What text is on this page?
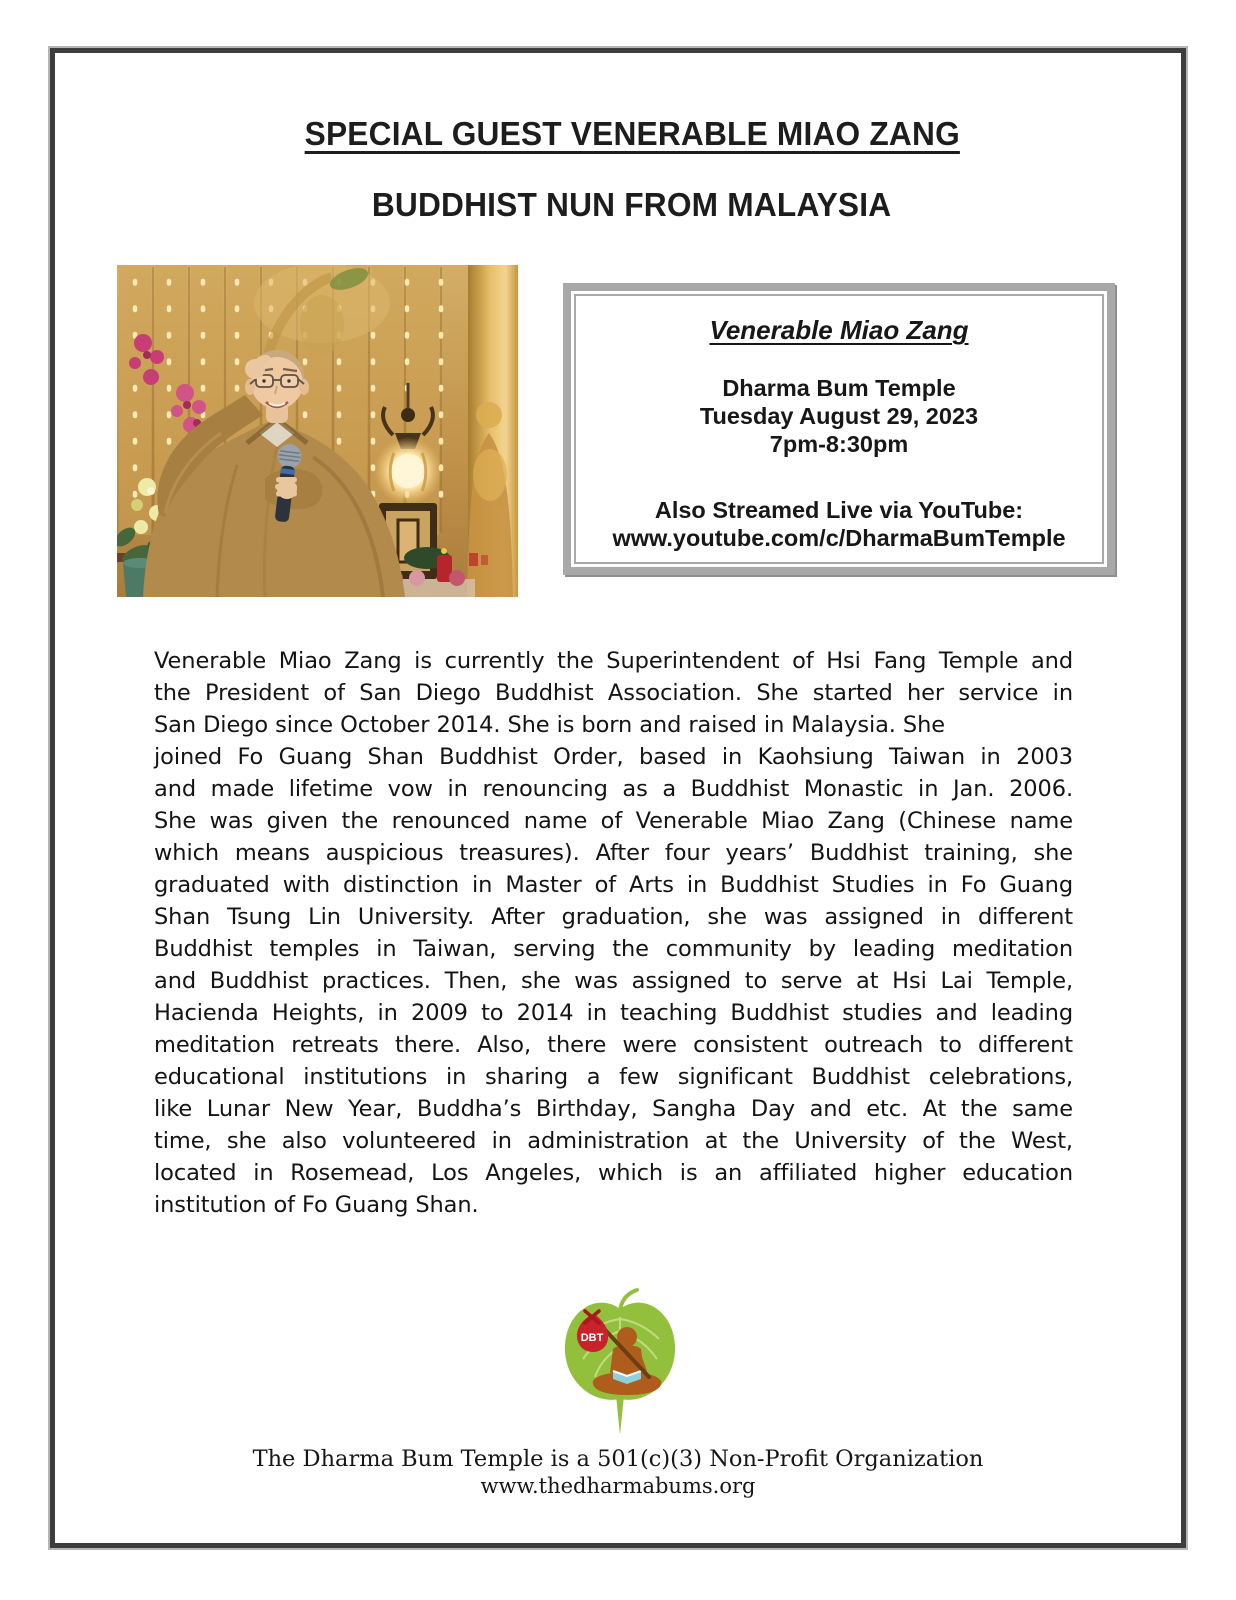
SPECIAL GUEST VENERABLE MIAO ZANG
BUDDHIST NUN FROM MALAYSIA
Venerable Miao Zang
Dharma Bum Temple
Tuesday August 29, 2023
7pm-8:30pm
Also Streamed Live via YouTube:
www.youtube.com/c/DharmaBumTemple
Venerable Miao Zang is currently the Superintendent of Hsi Fang Temple and
the President of San Diego Buddhist Association. She started her service in
San Diego since October 2014. She is born and raised in Malaysia. She
joined Fo Guang Shan Buddhist Order, based in Kaohsiung Taiwan in 2003
and made lifetime vow in renouncing as a Buddhist Monastic in Jan. 2006.
She was given the renounced name of Venerable Miao Zang (Chinese name
which means auspicious treasures). After four years’ Buddhist training, she
graduated with distinction in Master of Arts in Buddhist Studies in Fo Guang
Shan Tsung Lin University. After graduation, she was assigned in different
Buddhist temples in Taiwan, serving the community by leading meditation
and Buddhist practices. Then, she was assigned to serve at Hsi Lai Temple,
Hacienda Heights, in 2009 to 2014 in teaching Buddhist studies and leading
meditation retreats there. Also, there were consistent outreach to different
educational institutions in sharing a few significant Buddhist celebrations,
like Lunar New Year, Buddha’s Birthday, Sangha Day and etc. At the same
time, she also volunteered in administration at the University of the West,
located in Rosemead, Los Angeles, which is an affiliated higher education
institution of Fo Guang Shan.
DBT
The Dharma Bum Temple is a 501(c)(3) Non-Profit Organization
www.thedharmabums.org
